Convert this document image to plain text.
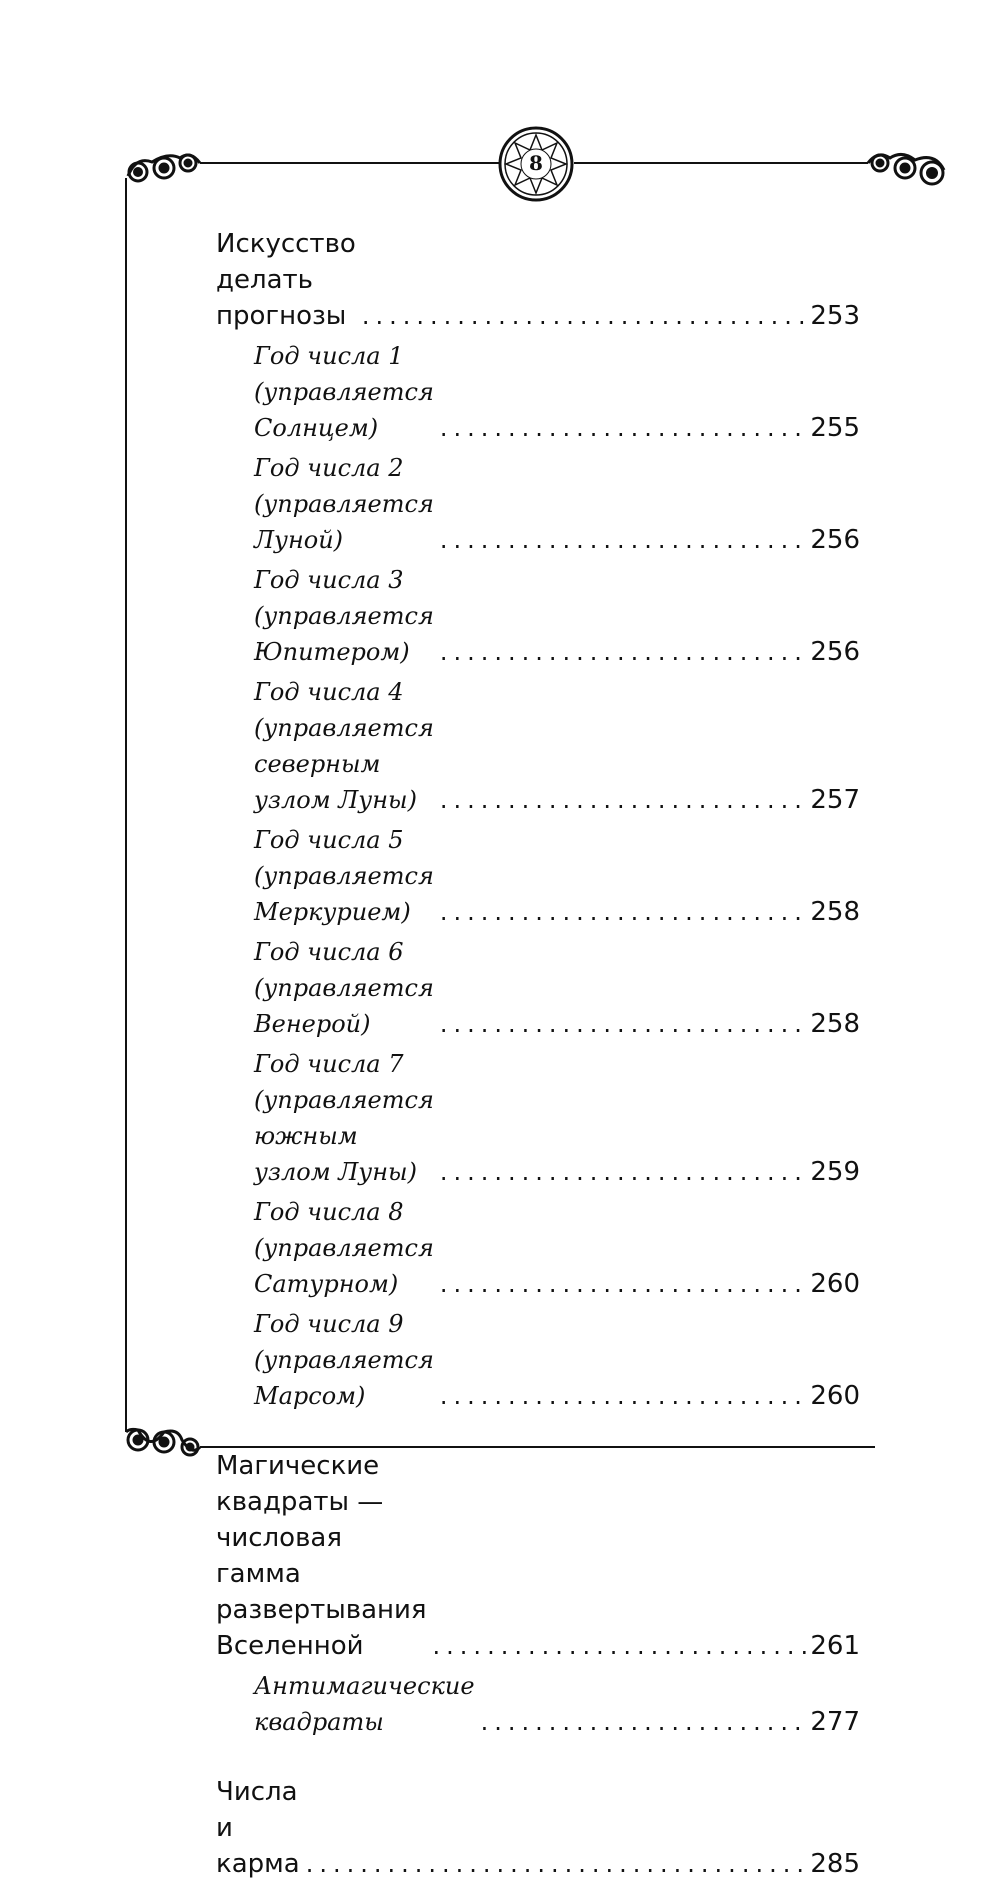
8
Искусство делать прогнозы .....	253
Год числа 1 (управляется Солнцем) .....	255
Год числа 2 (управляется Луной) .....	256
Год числа 3 (управляется Юпитером) .....	256
Год числа 4 (управляется северным
узлом Луны) .....	257
Год числа 5 (управляется Меркурием) .....	258
Год числа 6 (управляется Венерой) .....	258
Год числа 7 (управляется южным
узлом Луны) .....	259
Год числа 8 (управляется Сатурном) .....	260
Год числа 9 (управляется Марсом) .....	260
Магические квадраты —
числовая гамма развертывания
Вселенной .....	261
Антимагические квадраты .....	277
Числа и карма .....	285
